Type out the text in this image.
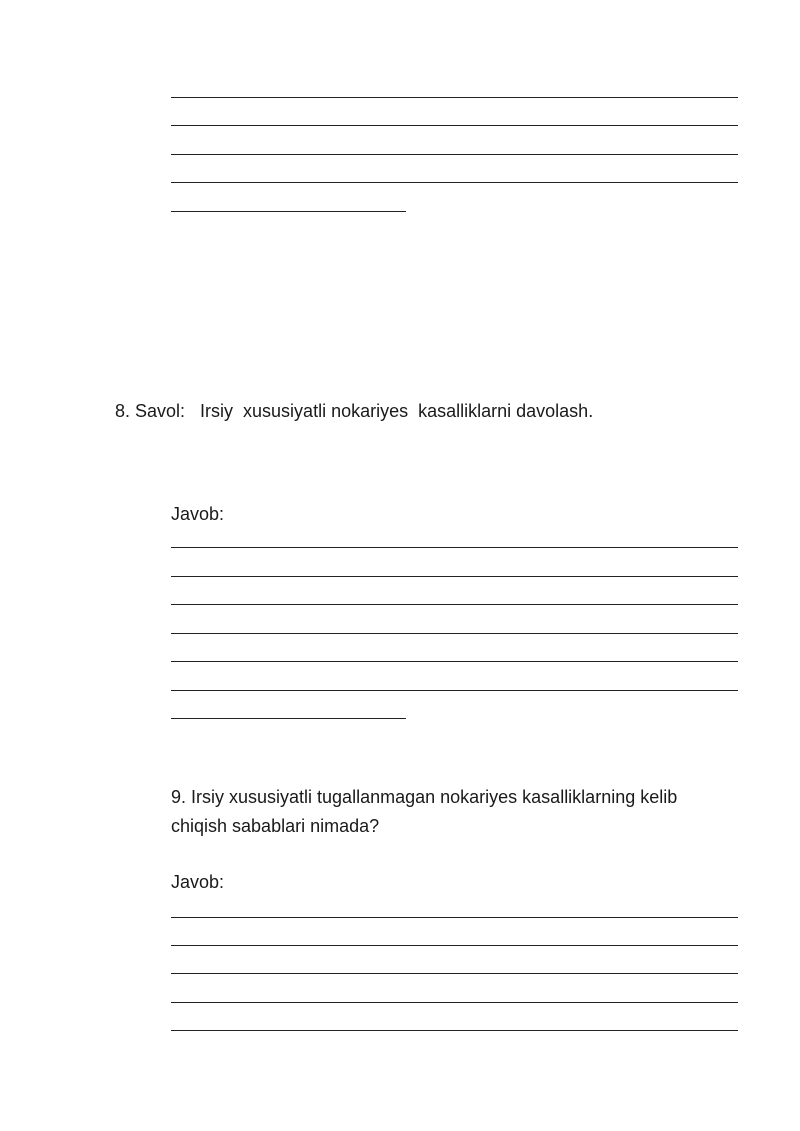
8. Savol:   Irsiy  xususiyatli nokariyes  kasalliklarni davolash.
Javob:
9. Irsiy xususiyatli tugallanmagan nokariyes kasalliklarning kelib
chiqish sabablari nimada?
Javob:
